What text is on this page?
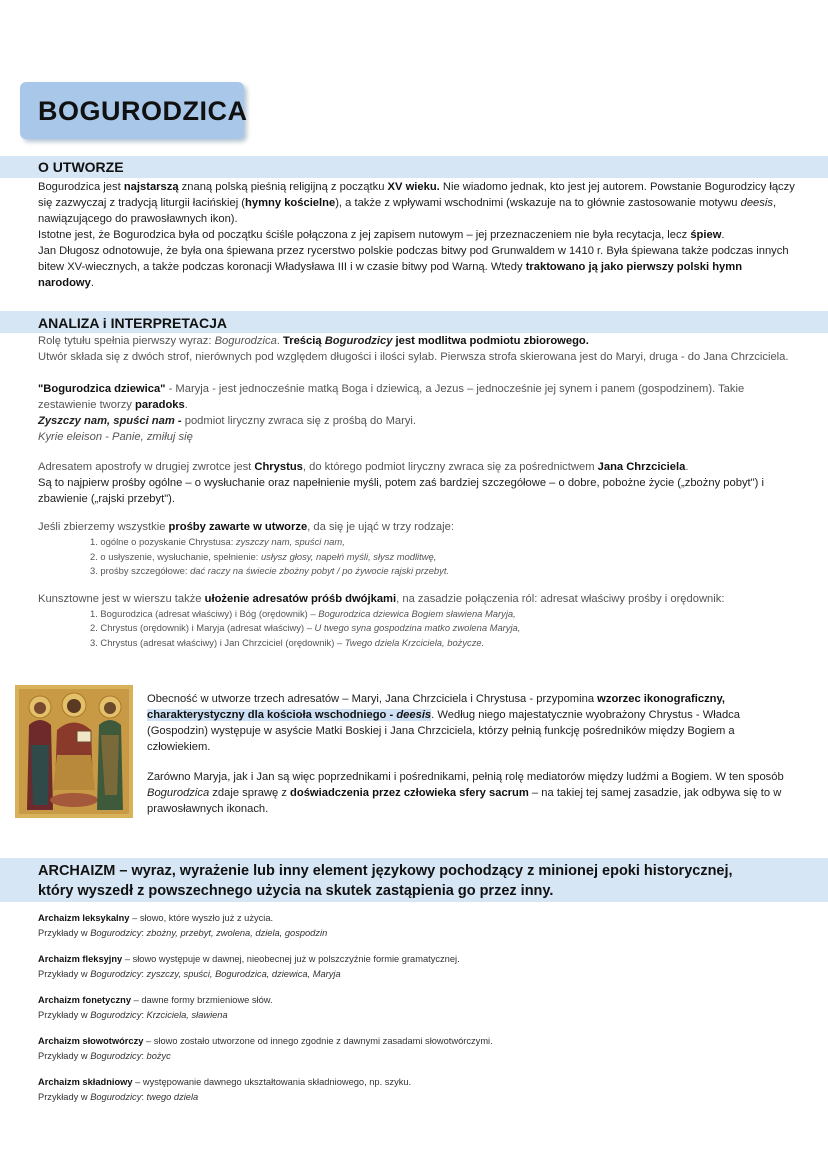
BOGURODZICA
O UTWORZE

Bogurodzica jest najstarszą znaną polską pieśnią religijną z początku XV wieku. Nie wiadomo jednak, kto jest jej autorem. Powstanie Bogurodzicy łączy się zazwyczaj z tradycją liturgii łacińskiej (hymny kościelne), a także z wpływami wschodnimi (wskazuje na to głównie zastosowanie motywu deesis, nawiązującego do prawosławnych ikon).

Istotne jest, że Bogurodzica była od początku ściśle połączona z jej zapisem nutowym – jej przeznaczeniem nie była recytacja, lecz śpiew.

Jan Długosz odnotowuje, że była ona śpiewana przez rycerstwo polskie podczas bitwy pod Grunwaldem w 1410 r. Była śpiewana także podczas innych bitew XV-wiecznych, a także podczas koronacji Władysława III i w czasie bitwy pod Warną. Wtedy traktowano ją jako pierwszy polski hymn narodowy.

ANALIZA i INTERPRETACJA

Rolę tytułu spełnia pierwszy wyraz: Bogurodzica. Treścią Bogurodzicy jest modlitwa podmiotu zbiorowego.

Utwór składa się z dwóch strof, nierównych pod względem długości i ilości sylab. Pierwsza strofa skierowana jest do Maryi, druga - do Jana Chrzciciela.

"Bogurodzica dziewica" - Maryja - jest jednocześnie matką Boga i dziewicą, a Jezus – jednocześnie jej synem i panem (gospodzinem). Takie zestawienie tworzy paradoks.

Zyszczy nam, spuści nam - podmiot liryczny zwraca się z prośbą do Maryi.

Kyrie eleison - Panie, zmiłuj się

Adresatem apostrofy w drugiej zwrotce jest Chrystus, do którego podmiot liryczny zwraca się za pośrednictwem Jana Chrzciciela.

Są to najpierw prośby ogólne – o wysłuchanie oraz napełnienie myśli, potem zaś bardziej szczegółowe – o dobre, pobożne życie („zbożny pobyt") i zbawienie („rajski przebyt").

Jeśli zbierzemy wszystkie prośby zawarte w utworze, da się je ująć w trzy rodzaje:

1. ogólne o pozyskanie Chrystusa: zyszczy nam, spuści nam,
2. o usłyszenie, wysłuchanie, spełnienie: usłysz głosy, napełń myśli, słysz modlitwę,
3. prośby szczegółowe: dać raczy na świecie zbożny pobyt / po żywocie rajski przebyt.

Kunsztowne jest w wierszu także ułożenie adresatów próśb dwójkami, na zasadzie połączenia ról: adresat właściwy prośby i orędownik:

1. Bogurodzica (adresat właściwy) i Bóg (orędownik) – Bogurodzica dziewica Bogiem sławiena Maryja,
2. Chrystus (orędownik) i Maryja (adresat właściwy) – U twego syna gospodzina matko zwolena Maryja,
3. Chrystus (adresat właściwy) i Jan Chrzciciel (orędownik) – Twego dziela Krzciciela, bożycze.

Obecność w utworze trzech adresatów – Maryi, Jana Chrzciciela i Chrystusa - przypomina wzorzec ikonograficzny, charakterystyczny dla kościoła wschodniego - deesis. Według niego majestatycznie wyobrażony Chrystus - Władca (Gospodzin) występuje w asyście Matki Boskiej i Jana Chrzciciela, którzy pełnią funkcję pośredników między Bogiem a człowiekiem.

Zarówno Maryja, jak i Jan są więc poprzednikami i pośrednikami, pełnią rolę mediatorów między ludźmi a Bogiem. W ten sposób Bogurodzica zdaje sprawę z doświadczenia przez człowieka sfery sacrum – na takiej tej samej zasadzie, jak odbywa się to w prawosławnych ikonach.

ARCHAIZM – wyraz, wyrażenie lub inny element językowy pochodzący z minionej epoki historycznej, który wyszedł z powszechnego użycia na skutek zastąpienia go przez inny.

Archaizm leksykalny – słowo, które wyszło już z użycia.

Przykłady w Bogurodzicy: zbożny, przebyt, zwolena, dziela, gospodzin

Archaizm fleksyjny – słowo występuje w dawnej, nieobecnej już w polszczyźnie formie gramatycznej.

Przykłady w Bogurodzicy: zyszczy, spuści, Bogurodzica, dziewica, Maryja

Archaizm fonetyczny – dawne formy brzmieniowe słów.

Przykłady w Bogurodzicy: Krzciciela, sławiena

Archaizm słowotwórczy – słowo zostało utworzone od innego zgodnie z dawnymi zasadami słowotwórczymi.

Przykłady w Bogurodzicy: bożyc

Archaizm składniowy – występowanie dawnego ukształtowania składniowego, np. szyku.

Przykłady w Bogurodzicy: twego dziela
